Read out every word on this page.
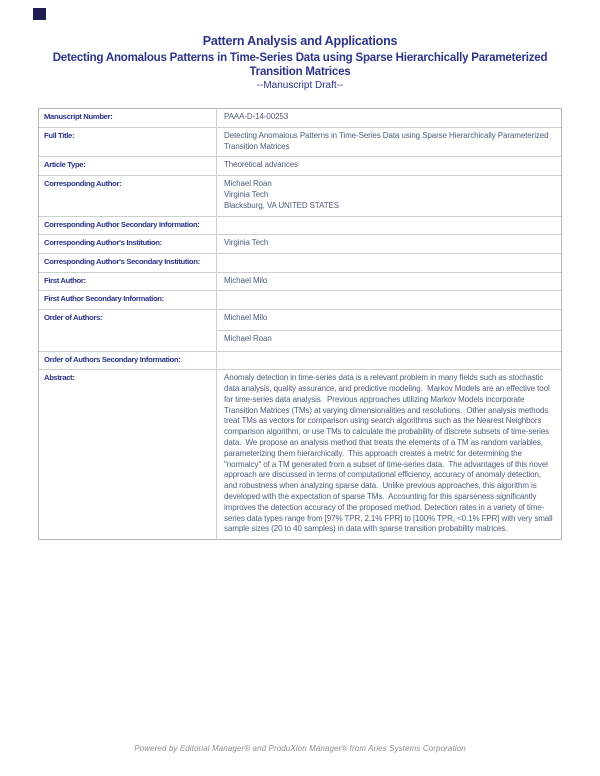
Pattern Analysis and Applications
Detecting Anomalous Patterns in Time-Series Data using Sparse Hierarchically Parameterized Transition Matrices
--Manuscript Draft--
Manuscript Number:	PAAA-D-14-00253
Full Title:	Detecting Anomalous Patterns in Time-Series Data using Sparse Hierarchically Parameterized Transition Matrices
Article Type:	Theoretical advances
Corresponding Author:	Michael Roan
Virginia Tech
Blacksburg, VA UNITED STATES
Corresponding Author Secondary Information:
Corresponding Author's Institution:	Virginia Tech
Corresponding Author's Secondary Institution:
First Author:	Michael Milo
First Author Secondary Information:
Order of Authors:	Michael Milo
Michael Roan
Order of Authors Secondary Information:
Abstract:	Anomaly detection in time-series data is a relevant problem in many fields such as stochastic data analysis, quality assurance, and predictive modeling.  Markov Models are an effective tool for time-series data analysis.  Previous approaches utilizing Markov Models incorporate Transition Matrices (TMs) at varying dimensionalities and resolutions.  Other analysis methods treat TMs as vectors for comparison using search algorithms such as the Nearest Neighbors comparison algorithm, or use TMs to calculate the probability of discrete subsets of time-series data.  We propose an analysis method that treats the elements of a TM as random variables, parameterizing them hierarchically.  This approach creates a metric for determining the "normalcy" of a TM generated from a subset of time-series data.  The advantages of this novel approach are discussed in terms of computational efficiency, accuracy of anomaly detection, and robustness when analyzing sparse data.  Unlike previous approaches, this algorithm is developed with the expectation of sparse TMs.  Accounting for this sparseness significantly improves the detection accuracy of the proposed method. Detection rates in a variety of time-series data types range from [97% TPR, 2.1% FPR] to [100% TPR, <0.1% FPR] with very small sample sizes (20 to 40 samples) in data with sparse transition probability matrices.
Powered by Editorial Manager® and ProduXion Manager® from Aries Systems Corporation
